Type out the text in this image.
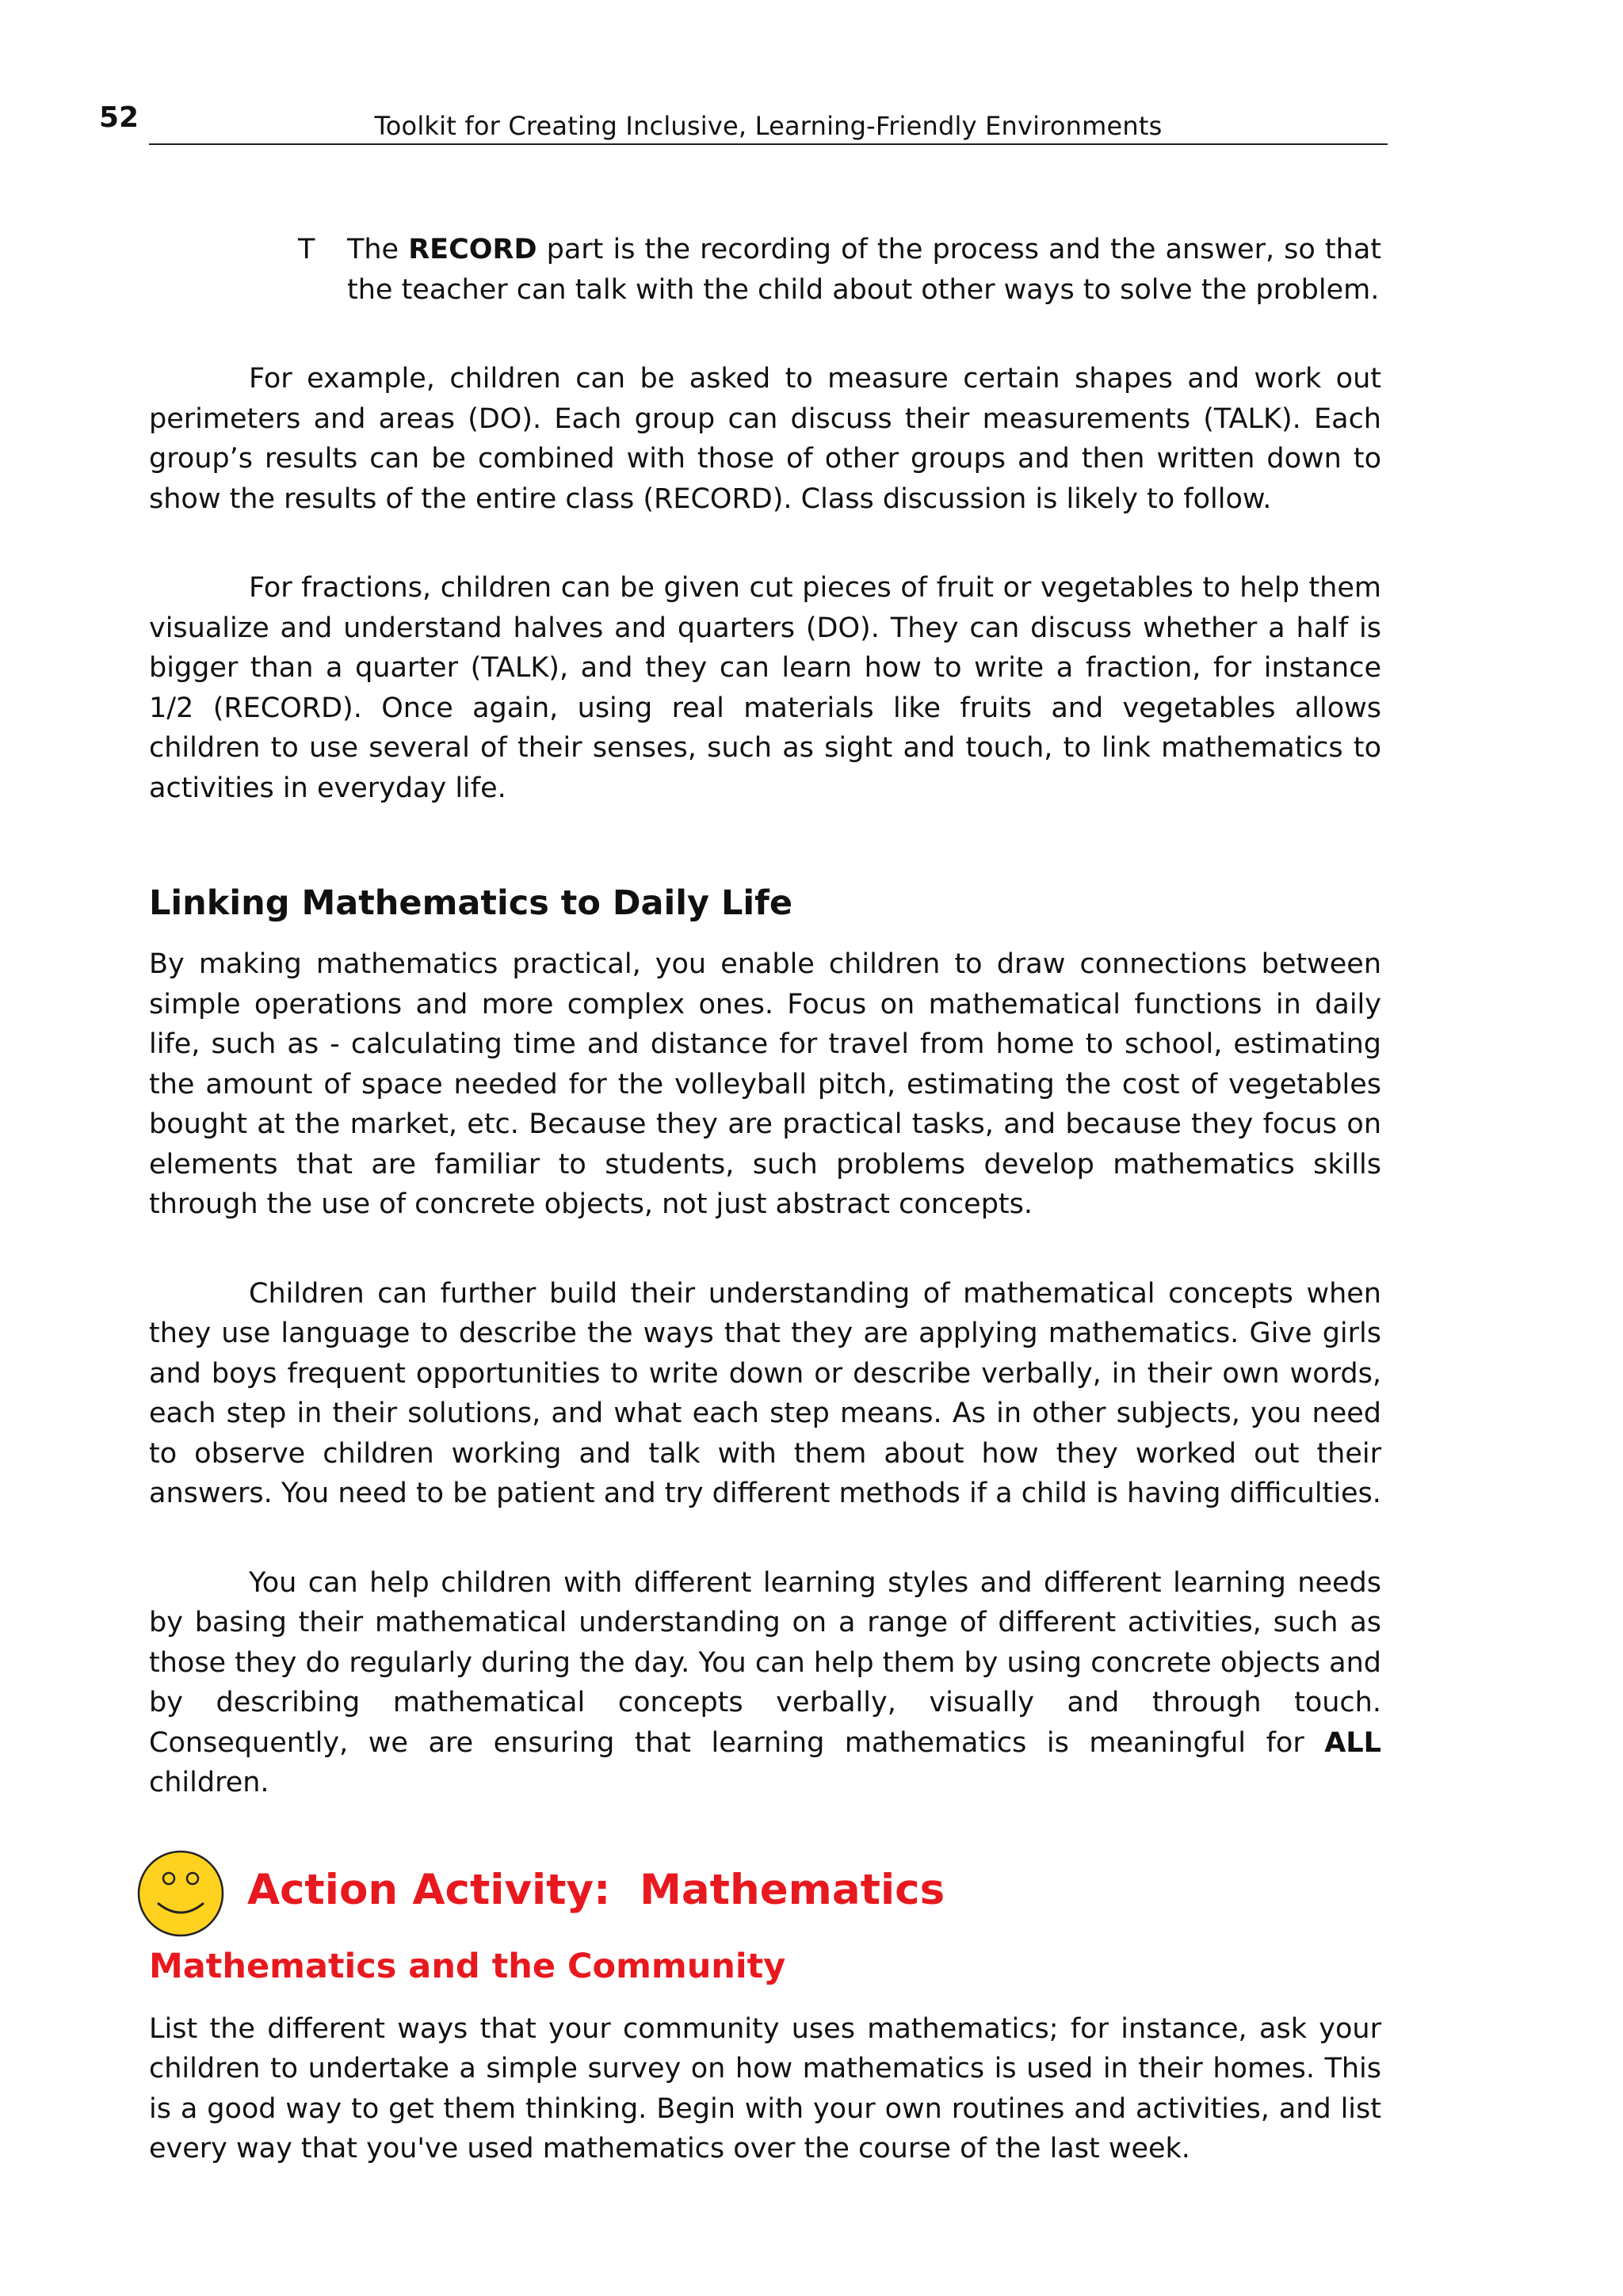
52	Toolkit for Creating Inclusive, Learning-Friendly Environments

T The RECORD part is the recording of the process and the answer, so that the teacher can talk with the child about other ways to solve the problem.

For example, children can be asked to measure certain shapes and work out perimeters and areas (DO). Each group can discuss their measurements (TALK). Each group’s results can be combined with those of other groups and then written down to show the results of the entire class (RECORD). Class discussion is likely to follow.

For fractions, children can be given cut pieces of fruit or vegetables to help them visualize and understand halves and quarters (DO). They can discuss whether a half is bigger than a quarter (TALK), and they can learn how to write a fraction, for instance 1/2 (RECORD). Once again, using real materials like fruits and vegetables allows children to use several of their senses, such as sight and touch, to link mathematics to activities in everyday life.

Linking Mathematics to Daily Life

By making mathematics practical, you enable children to draw connections between simple operations and more complex ones. Focus on mathematical functions in daily life, such as - calculating time and distance for travel from home to school, estimating the amount of space needed for the volleyball pitch, estimating the cost of vegetables bought at the market, etc. Because they are practical tasks, and because they focus on elements that are familiar to students, such problems develop mathematics skills through the use of concrete objects, not just abstract concepts.

Children can further build their understanding of mathematical concepts when they use language to describe the ways that they are applying mathematics. Give girls and boys frequent opportunities to write down or describe verbally, in their own words, each step in their solutions, and what each step means. As in other subjects, you need to observe children working and talk with them about how they worked out their answers. You need to be patient and try different methods if a child is having difficulties.

You can help children with different learning styles and different learning needs by basing their mathematical understanding on a range of different activities, such as those they do regularly during the day. You can help them by using concrete objects and by describing mathematical concepts verbally, visually and through touch. Consequently, we are ensuring that learning mathematics is meaningful for ALL children.

Action Activity:  Mathematics
Mathematics and the Community

List the different ways that your community uses mathematics; for instance, ask your children to undertake a simple survey on how mathematics is used in their homes. This is a good way to get them thinking. Begin with your own routines and activities, and list every way that you've used mathematics over the course of the last week.
